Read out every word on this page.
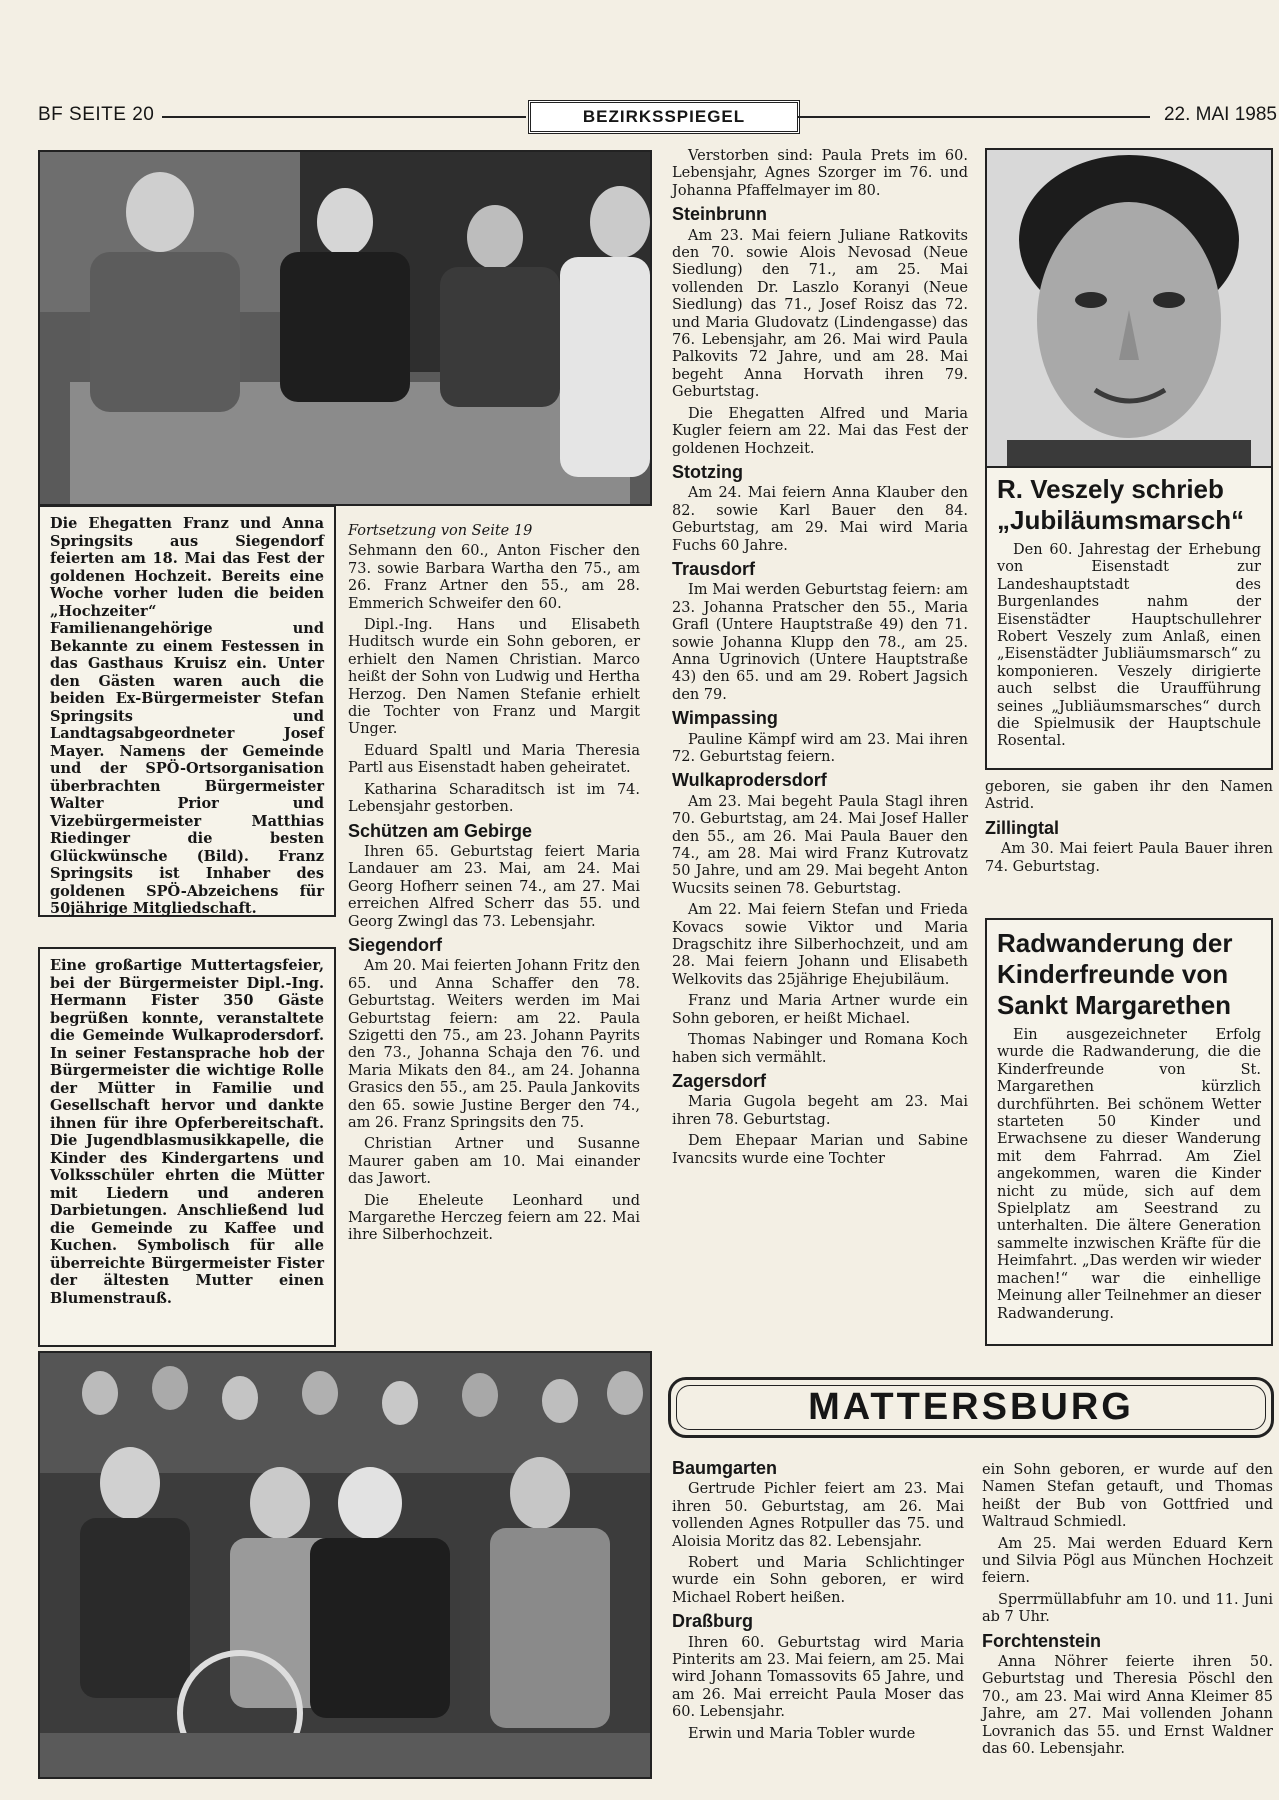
BF SEITE 20	BEZIRKSSPIEGEL	22. MAI 1985
Die Ehegatten Franz und Anna Springsits aus Siegendorf feierten am 18. Mai das Fest der goldenen Hochzeit. Bereits eine Woche vorher luden die beiden „Hochzeiter“ Familienangehörige und Bekannte zu einem Festessen in das Gasthaus Kruisz ein. Unter den Gästen waren auch die beiden Ex-Bürgermeister Stefan Springsits und Landtagsabgeordneter Josef Mayer. Namens der Gemeinde und der SPÖ-Ortsorganisation überbrachten Bürgermeister Walter Prior und Vizebürgermeister Matthias Riedinger die besten Glückwünsche (Bild). Franz Springsits ist Inhaber des goldenen SPÖ-Abzeichens für 50jährige Mitgliedschaft.
Eine großartige Muttertagsfeier, bei der Bürgermeister Dipl.-Ing. Hermann Fister 350 Gäste begrüßen konnte, veranstaltete die Gemeinde Wulkaprodersdorf. In seiner Festansprache hob der Bürgermeister die wichtige Rolle der Mütter in Familie und Gesellschaft hervor und dankte ihnen für ihre Opferbereitschaft. Die Jugendblasmusikkapelle, die Kinder des Kindergartens und Volksschüler ehrten die Mütter mit Liedern und anderen Darbietungen. Anschließend lud die Gemeinde zu Kaffee und Kuchen. Symbolisch für alle überreichte Bürgermeister Fister der ältesten Mutter einen Blumenstrauß.

Fortsetzung von Seite 19

Sehmann den 60., Anton Fischer den 73. sowie Barbara Wartha den 75., am 26. Franz Artner den 55., am 28. Emmerich Schweifer den 60.

Dipl.-Ing. Hans und Elisabeth Huditsch wurde ein Sohn geboren, er erhielt den Namen Christian. Marco heißt der Sohn von Ludwig und Hertha Herzog. Den Namen Stefanie erhielt die Tochter von Franz und Margit Unger.

Eduard Spaltl und Maria Theresia Partl aus Eisenstadt haben geheiratet.

Katharina Scharaditsch ist im 74. Lebensjahr gestorben.

Schützen am Gebirge

Ihren 65. Geburtstag feiert Maria Landauer am 23. Mai, am 24. Mai Georg Hofherr seinen 74., am 27. Mai erreichen Alfred Scherr das 55. und Georg Zwingl das 73. Lebensjahr.

Siegendorf

Am 20. Mai feierten Johann Fritz den 65. und Anna Schaffer den 78. Geburtstag. Weiters werden im Mai Geburtstag feiern: am 22. Paula Szigetti den 75., am 23. Johann Payrits den 73., Johanna Schaja den 76. und Maria Mikats den 84., am 24. Johanna Grasics den 55., am 25. Paula Jankovits den 65. sowie Justine Berger den 74., am 26. Franz Springsits den 75.

Christian Artner und Susanne Maurer gaben am 10. Mai einander das Jawort.

Die Eheleute Leonhard und Margarethe Herczeg feiern am 22. Mai ihre Silberhochzeit.

Verstorben sind: Paula Prets im 60. Lebensjahr, Agnes Szorger im 76. und Johanna Pfaffelmayer im 80.

Steinbrunn

Am 23. Mai feiern Juliane Ratkovits den 70. sowie Alois Nevosad (Neue Siedlung) den 71., am 25. Mai vollenden Dr. Laszlo Koranyi (Neue Siedlung) das 71., Josef Roisz das 72. und Maria Gludovatz (Lindengasse) das 76. Lebensjahr, am 26. Mai wird Paula Palkovits 72 Jahre, und am 28. Mai begeht Anna Horvath ihren 79. Geburtstag.

Die Ehegatten Alfred und Maria Kugler feiern am 22. Mai das Fest der goldenen Hochzeit.

Stotzing

Am 24. Mai feiern Anna Klauber den 82. sowie Karl Bauer den 84. Geburtstag, am 29. Mai wird Maria Fuchs 60 Jahre.

Trausdorf

Im Mai werden Geburtstag feiern: am 23. Johanna Pratscher den 55., Maria Grafl (Untere Hauptstraße 49) den 71. sowie Johanna Klupp den 78., am 25. Anna Ugrinovich (Untere Hauptstraße 43) den 65. und am 29. Robert Jagsich den 79.

Wimpassing

Pauline Kämpf wird am 23. Mai ihren 72. Geburtstag feiern.

Wulkaprodersdorf

Am 23. Mai begeht Paula Stagl ihren 70. Geburtstag, am 24. Mai Josef Haller den 55., am 26. Mai Paula Bauer den 74., am 28. Mai wird Franz Kutrovatz 50 Jahre, und am 29. Mai begeht Anton Wucsits seinen 78. Geburtstag.

Am 22. Mai feiern Stefan und Frieda Kovacs sowie Viktor und Maria Dragschitz ihre Silberhochzeit, und am 28. Mai feiern Johann und Elisabeth Welkovits das 25jährige Ehejubiläum.

Franz und Maria Artner wurde ein Sohn geboren, er heißt Michael.

Thomas Nabinger und Romana Koch haben sich vermählt.

Zagersdorf

Maria Gugola begeht am 23. Mai ihren 78. Geburtstag.

Dem Ehepaar Marian und Sabine Ivancsits wurde eine Tochter

R. Veszely schrieb „Jubiläumsmarsch“

Den 60. Jahrestag der Erhebung von Eisenstadt zur Landeshauptstadt des Burgenlandes nahm der Eisenstädter Hauptschullehrer Robert Veszely zum Anlaß, einen „Eisenstädter Jubliäumsmarsch“ zu komponieren. Veszely dirigierte auch selbst die Uraufführung seines „Jubliäumsmarsches“ durch die Spielmusik der Hauptschule Rosental.

geboren, sie gaben ihr den Namen Astrid.

Zillingtal

Am 30. Mai feiert Paula Bauer ihren 74. Geburtstag.

Radwanderung der Kinderfreunde von Sankt Margarethen

Ein ausgezeichneter Erfolg wurde die Radwanderung, die die Kinderfreunde von St. Margarethen kürzlich durchführten. Bei schönem Wetter starteten 50 Kinder und Erwachsene zu dieser Wanderung mit dem Fahrrad. Am Ziel angekommen, waren die Kinder nicht zu müde, sich auf dem Spielplatz am Seestrand zu unterhalten. Die ältere Generation sammelte inzwischen Kräfte für die Heimfahrt. „Das werden wir wieder machen!“ war die einhellige Meinung aller Teilnehmer an dieser Radwanderung.

MATTERSBURG
Baumgarten

Gertrude Pichler feiert am 23. Mai ihren 50. Geburtstag, am 26. Mai vollenden Agnes Rotpuller das 75. und Aloisia Moritz das 82. Lebensjahr.

Robert und Maria Schlichtinger wurde ein Sohn geboren, er wird Michael Robert heißen.

Draßburg

Ihren 60. Geburtstag wird Maria Pinterits am 23. Mai feiern, am 25. Mai wird Johann Tomassovits 65 Jahre, und am 26. Mai erreicht Paula Moser das 60. Lebensjahr.

Erwin und Maria Tobler wurde

ein Sohn geboren, er wurde auf den Namen Stefan getauft, und Thomas heißt der Bub von Gottfried und Waltraud Schmiedl.

Am 25. Mai werden Eduard Kern und Silvia Pögl aus München Hochzeit feiern.

Sperrmüllabfuhr am 10. und 11. Juni ab 7 Uhr.

Forchtenstein

Anna Nöhrer feierte ihren 50. Geburtstag und Theresia Pöschl den 70., am 23. Mai wird Anna Kleimer 85 Jahre, am 27. Mai vollenden Johann Lovranich das 55. und Ernst Waldner das 60. Lebensjahr.
